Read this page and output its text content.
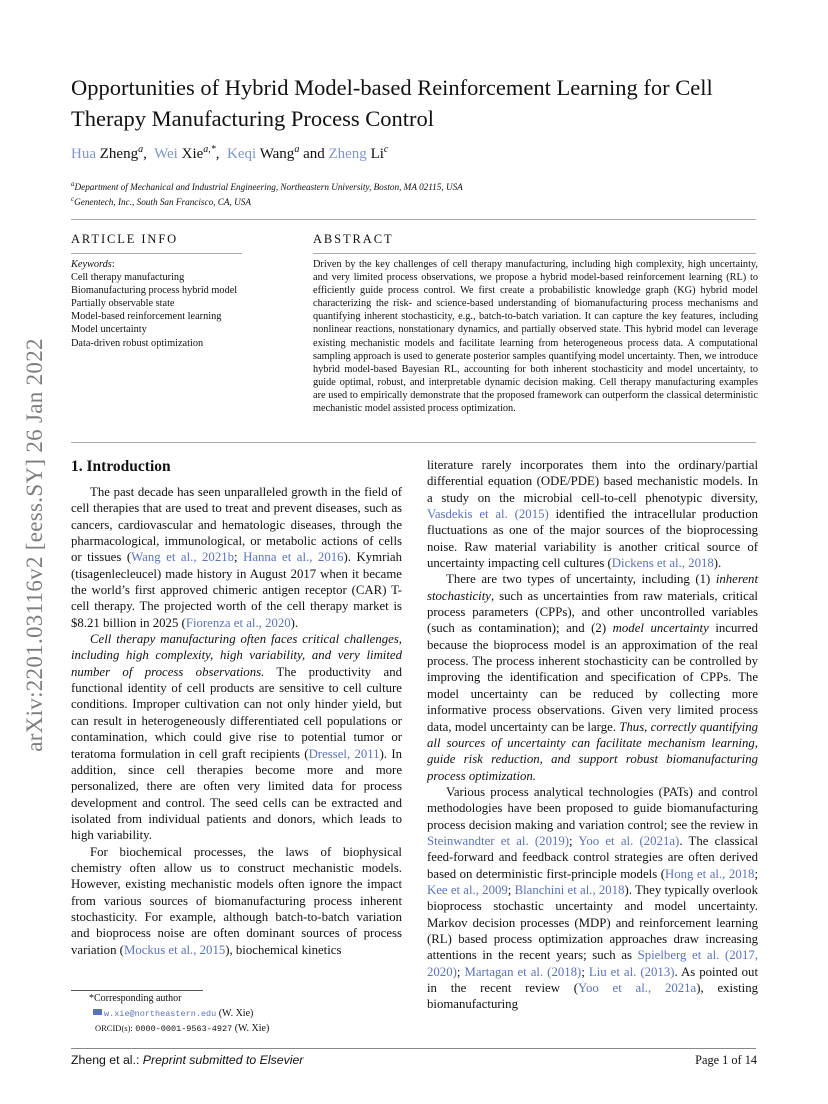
arXiv:2201.03116v2 [eess.SY] 26 Jan 2022
Opportunities of Hybrid Model-based Reinforcement Learning for Cell Therapy Manufacturing Process Control
Hua Zheng$^a$,  Wei Xie$^{a,*}$,  Keqi Wang$^a$ and Zheng Li$^c$
$^a$Department of Mechanical and Industrial Engineering, Northeastern University, Boston, MA 02115, USA
$^c$Genentech, Inc., South San Francisco, CA, USA
ARTICLE INFO	ABSTRACT
Keywords:
Cell therapy manufacturing
Biomanufacturing process hybrid model
Partially observable state
Model-based reinforcement learning
Model uncertainty
Data-driven robust optimization
Driven by the key challenges of cell therapy manufacturing, including high complexity, high uncertainty, and very limited process observations, we propose a hybrid model-based reinforcement learning (RL) to efficiently guide process control. We first create a probabilistic knowledge graph (KG) hybrid model characterizing the risk- and science-based understanding of biomanufacturing process mechanisms and quantifying inherent stochasticity, e.g., batch-to-batch variation. It can capture the key features, including nonlinear reactions, nonstationary dynamics, and partially observed state. This hybrid model can leverage existing mechanistic models and facilitate learning from heterogeneous process data. A computational sampling approach is used to generate posterior samples quantifying model uncertainty. Then, we introduce hybrid model-based Bayesian RL, accounting for both inherent stochasticity and model uncertainty, to guide optimal, robust, and interpretable dynamic decision making. Cell therapy manufacturing examples are used to empirically demonstrate that the proposed framework can outperform the classical deterministic mechanistic model assisted process optimization.
1. Introduction

The past decade has seen unparalleled growth in the field of cell therapies that are used to treat and prevent diseases, such as cancers, cardiovascular and hematologic diseases, through the pharmacological, immunological, or metabolic actions of cells or tissues (Wang et al., 2021b; Hanna et al., 2016). Kymriah (tisagenlecleucel) made history in August 2017 when it became the world’s first approved chimeric antigen receptor (CAR) T-cell therapy. The projected worth of the cell therapy market is $8.21 billion in 2025 (Fiorenza et al., 2020).

Cell therapy manufacturing often faces critical challenges, including high complexity, high variability, and very limited number of process observations. The productivity and functional identity of cell products are sensitive to cell culture conditions. Improper cultivation can not only hinder yield, but can result in heterogeneously differentiated cell populations or contamination, which could give rise to potential tumor or teratoma formulation in cell graft recipients (Dressel, 2011). In addition, since cell therapies become more and more personalized, there are often very limited data for process development and control. The seed cells can be extracted and isolated from individual patients and donors, which leads to high variability.

For biochemical processes, the laws of biophysical chemistry often allow us to construct mechanistic models. However, existing mechanistic models often ignore the impact from various sources of biomanufacturing process inherent stochasticity. For example, although batch-to-batch variation and bioprocess noise are often dominant sources of process variation (Mockus et al., 2015), biochemical kinetics

literature rarely incorporates them into the ordinary/partial differential equation (ODE/PDE) based mechanistic models. In a study on the microbial cell-to-cell phenotypic diversity, Vasdekis et al. (2015) identified the intracellular production fluctuations as one of the major sources of the bioprocessing noise. Raw material variability is another critical source of uncertainty impacting cell cultures (Dickens et al., 2018).

There are two types of uncertainty, including (1) inherent stochasticity, such as uncertainties from raw materials, critical process parameters (CPPs), and other uncontrolled variables (such as contamination); and (2) model uncertainty incurred because the bioprocess model is an approximation of the real process. The process inherent stochasticity can be controlled by improving the identification and specification of CPPs. The model uncertainty can be reduced by collecting more informative process observations. Given very limited process data, model uncertainty can be large. Thus, correctly quantifying all sources of uncertainty can facilitate mechanism learning, guide risk reduction, and support robust biomanufacturing process optimization.

Various process analytical technologies (PATs) and control methodologies have been proposed to guide biomanufacturing process decision making and variation control; see the review in Steinwandter et al. (2019); Yoo et al. (2021a). The classical feed-forward and feedback control strategies are often derived based on deterministic first-principle models (Hong et al., 2018; Kee et al., 2009; Blanchini et al., 2018). They typically overlook bioprocess stochastic uncertainty and model uncertainty. Markov decision processes (MDP) and reinforcement learning (RL) based process optimization approaches draw increasing attentions in the recent years; such as Spielberg et al. (2017, 2020); Martagan et al. (2018); Liu et al. (2013). As pointed out in the recent review (Yoo et al., 2021a), existing biomanufacturing

*Corresponding author
w.xie@northeastern.edu (W. Xie)
ORCID(s): 0000-0001-9563-4927 (W. Xie)
Zheng et al.: Preprint submitted to Elsevier	Page 1 of 14
